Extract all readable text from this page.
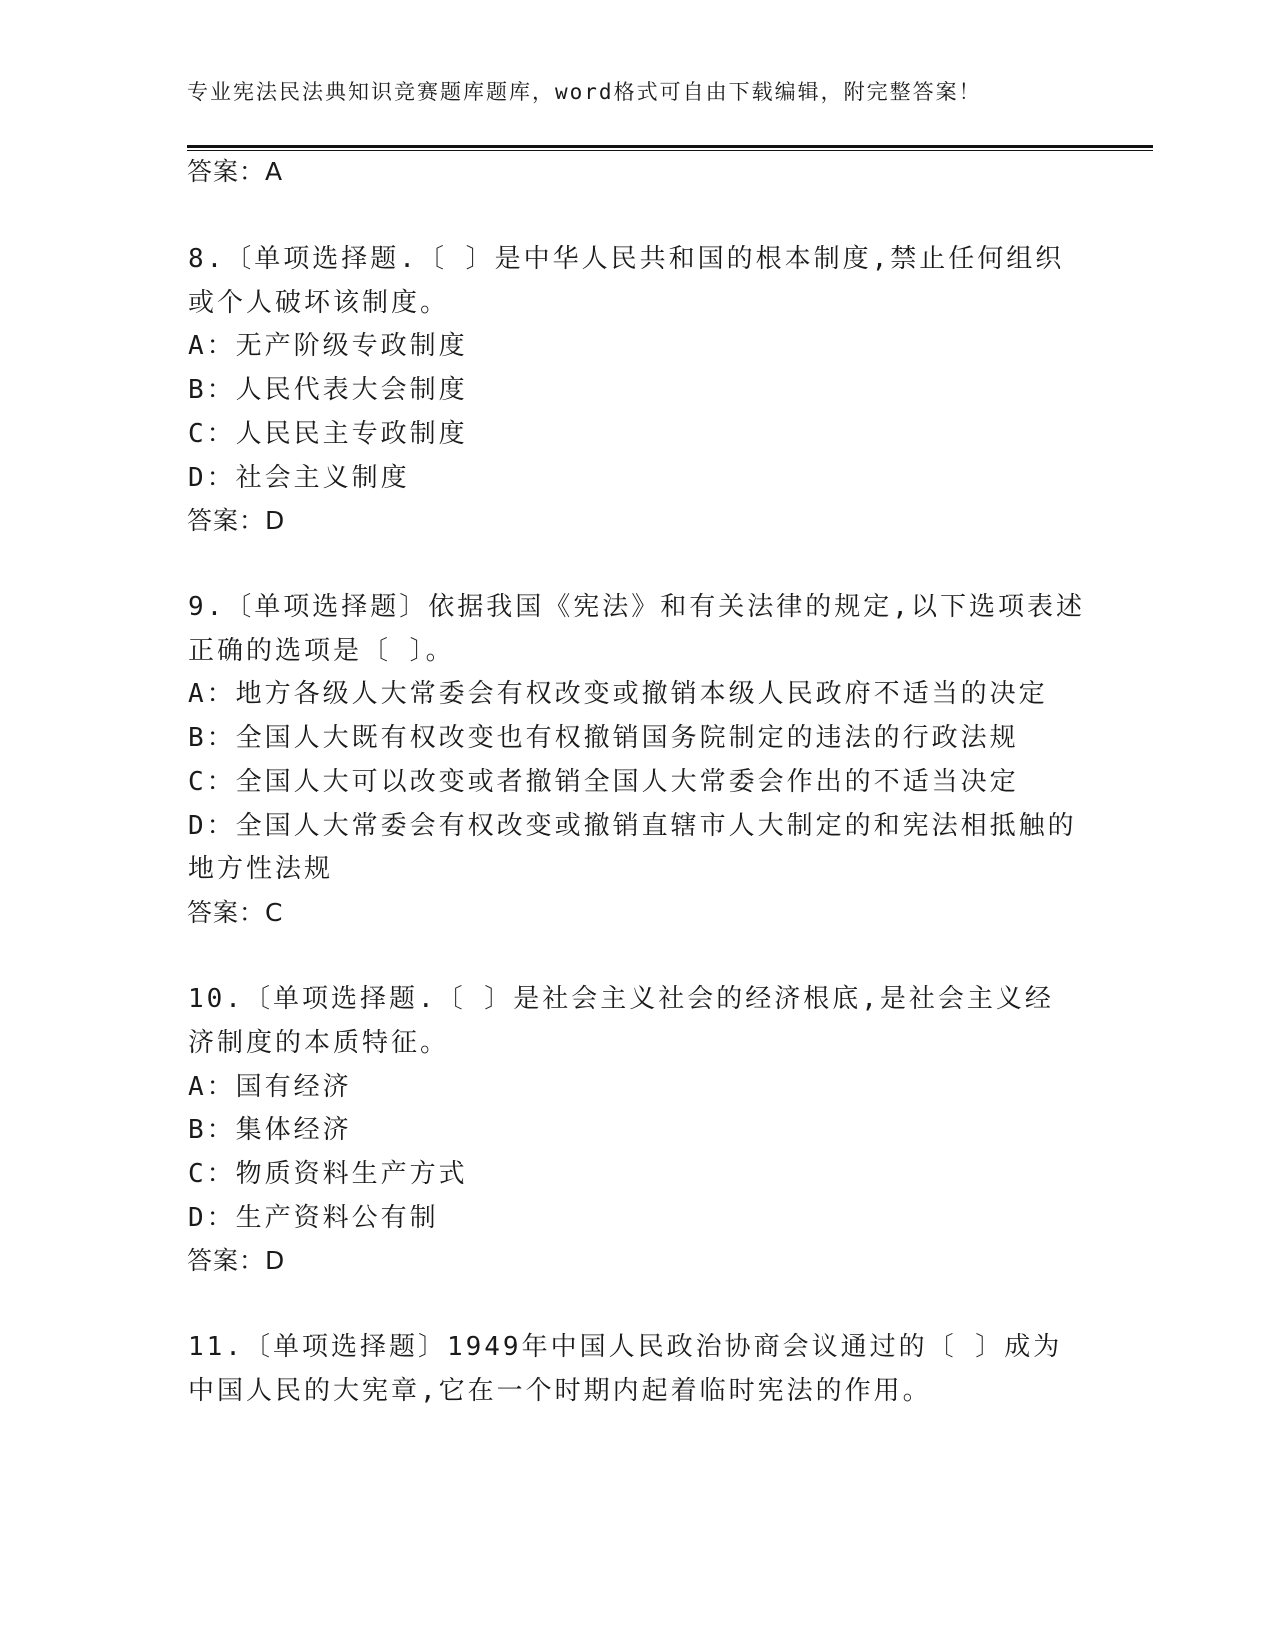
专业宪法民法典知识竞赛题库题库，word格式可自由下载编辑，附完整答案！
答案：A
8.〔单项选择题.〔 〕是中华人民共和国的根本制度,禁止任何组织
或个人破坏该制度。
A：无产阶级专政制度
B：人民代表大会制度
C：人民民主专政制度
D：社会主义制度
答案：D
9.〔单项选择题〕依据我国《宪法》和有关法律的规定,以下选项表述
正确的选项是〔 〕。
A：地方各级人大常委会有权改变或撤销本级人民政府不适当的决定
B：全国人大既有权改变也有权撤销国务院制定的违法的行政法规
C：全国人大可以改变或者撤销全国人大常委会作出的不适当决定
D：全国人大常委会有权改变或撤销直辖市人大制定的和宪法相抵触的
地方性法规
答案：C
10.〔单项选择题.〔 〕是社会主义社会的经济根底,是社会主义经
济制度的本质特征。
A：国有经济
B：集体经济
C：物质资料生产方式
D：生产资料公有制
答案：D
11.〔单项选择题〕1949年中国人民政治协商会议通过的〔 〕成为
中国人民的大宪章,它在一个时期内起着临时宪法的作用。
